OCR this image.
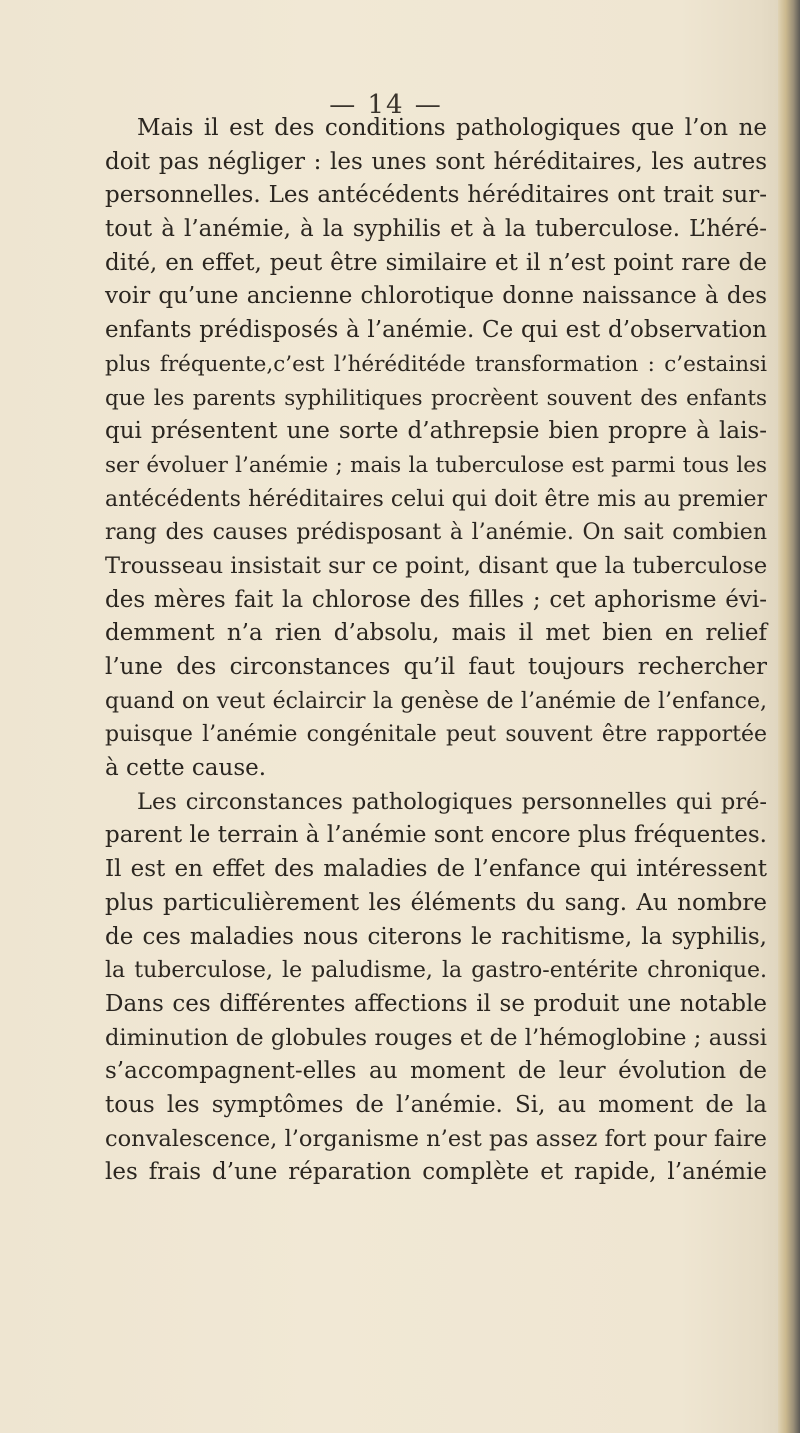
— 14 —
Mais il est des conditions pathologiques que l’on ne
doit pas négliger : les unes sont héréditaires, les autres
personnelles. Les antécédents héréditaires ont trait sur-
tout à l’anémie, à la syphilis et à la tuberculose. L’héré-
dité, en effet, peut être similaire et il n’est point rare de
voir qu’une ancienne chlorotique donne naissance à des
enfants prédisposés à l’anémie. Ce qui est d’observation
plus fréquente,c’est l’héréditéde transformation : c’estainsi
que les parents syphilitiques procrèent souvent des enfants
qui présentent une sorte d’athrepsie bien propre à lais-
ser évoluer l’anémie ; mais la tuberculose est parmi tous les
antécédents héréditaires celui qui doit être mis au premier
rang des causes prédisposant à l’anémie. On sait combien
Trousseau insistait sur ce point, disant que la tuberculose
des mères fait la chlorose des filles ; cet aphorisme évi-
demment n’a rien d’absolu, mais il met bien en relief
l’une des circonstances qu’il faut toujours rechercher
quand on veut éclaircir la genèse de l’anémie de l’enfance,
puisque l’anémie congénitale peut souvent être rapportée
à cette cause.
Les circonstances pathologiques personnelles qui pré-
parent le terrain à l’anémie sont encore plus fréquentes.
Il est en effet des maladies de l’enfance qui intéressent
plus particulièrement les éléments du sang. Au nombre
de ces maladies nous citerons le rachitisme, la syphilis,
la tuberculose, le paludisme, la gastro-entérite chronique.
Dans ces différentes affections il se produit une notable
diminution de globules rouges et de l’hémoglobine ; aussi
s’accompagnent-elles au moment de leur évolution de
tous les symptômes de l’anémie. Si, au moment de la
convalescence, l’organisme n’est pas assez fort pour faire
les frais d’une réparation complète et rapide, l’anémie
